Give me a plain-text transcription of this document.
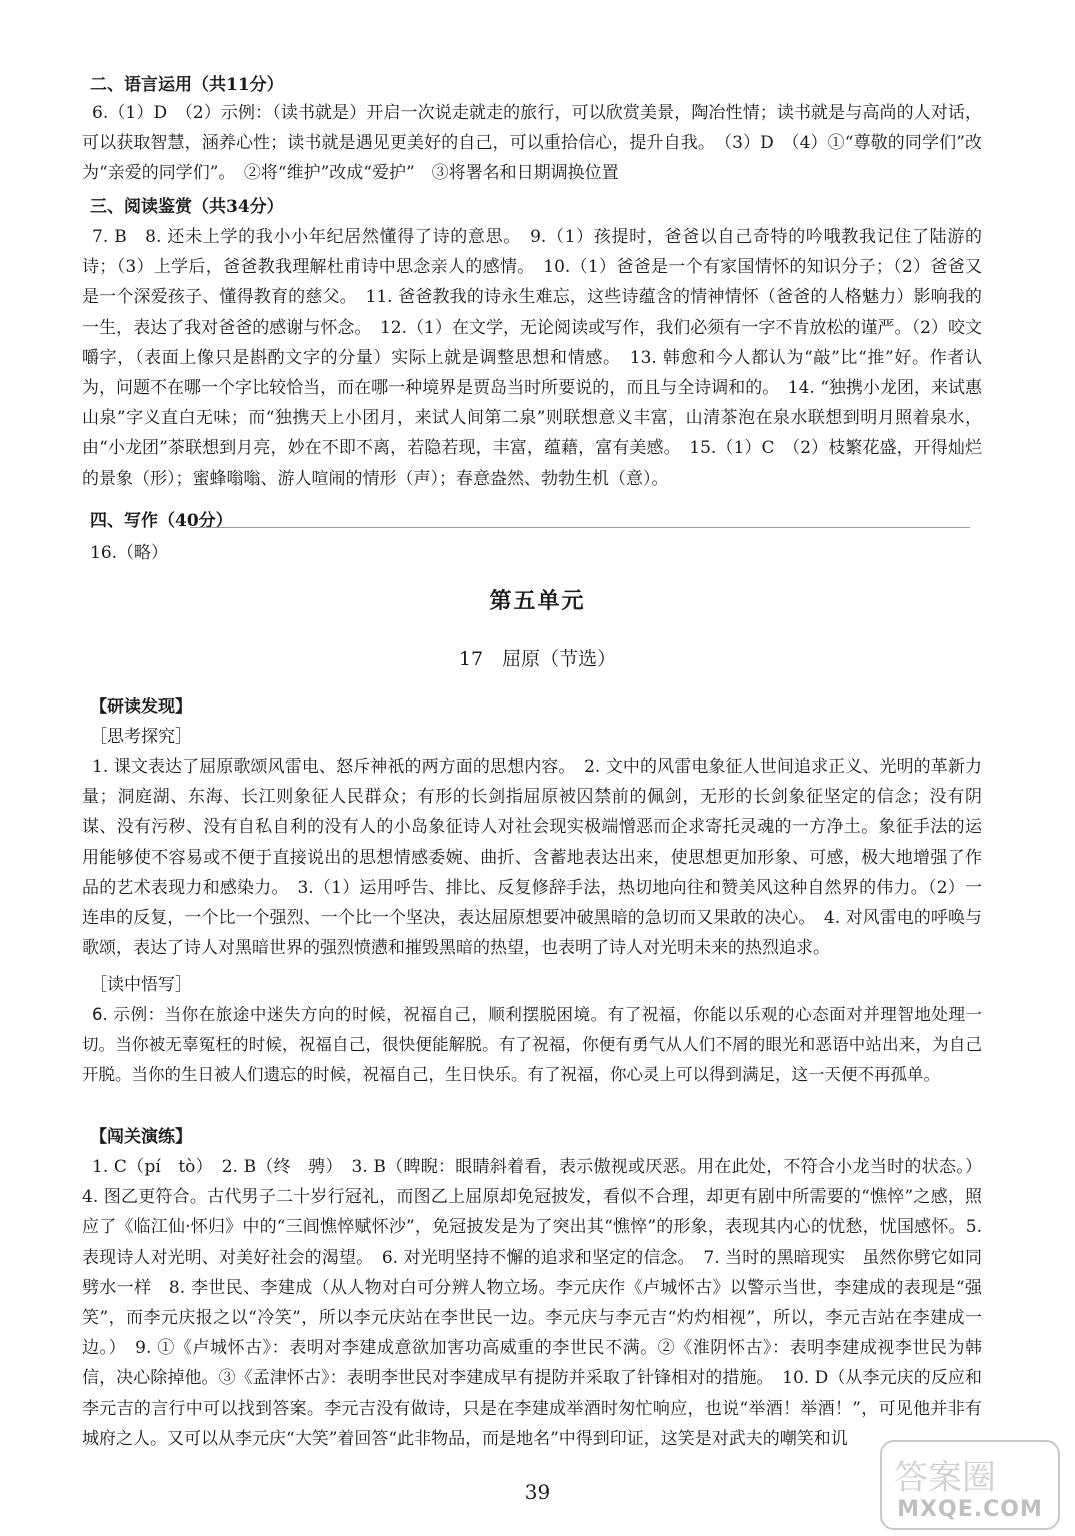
二、语言运用（共11分）

6.（1）D　（2）示例：（读书就是）开启一次说走就走的旅行，可以欣赏美景，陶冶性情；读书就是与高尚的人对话，可以获取智慧，涵养心性；读书就是遇见更美好的自己，可以重拾信心，提升自我。　（3）D　（4）①“尊敬的同学们”改为“亲爱的同学们”。　②将“维护”改成“爱护”　③将署名和日期调换位置

三、阅读鉴赏（共34分）

7. B　8. 还未上学的我小小年纪居然懂得了诗的意思。　9.（1）孩提时，爸爸以自己奇特的吟哦教我记住了陆游的诗；（3）上学后，爸爸教我理解杜甫诗中思念亲人的感情。　10.（1）爸爸是一个有家国情怀的知识分子；（2）爸爸又是一个深爱孩子、懂得教育的慈父。　11. 爸爸教我的诗永生难忘，这些诗蕴含的情神情怀（爸爸的人格魅力）影响我的一生，表达了我对爸爸的感谢与怀念。　12.（1）在文学，无论阅读或写作，我们必须有一字不肯放松的谨严。（2）咬文嚼字，（表面上像只是斟酌文字的分量）实际上就是调整思想和情感。　13. 韩愈和今人都认为“敲”比“推”好。作者认为，问题不在哪一个字比较恰当，而在哪一种境界是贾岛当时所要说的，而且与全诗调和的。　14. “独携小龙团，来试惠山泉”字义直白无味；而“独携天上小团月，来试人间第二泉”则联想意义丰富，山清茶泡在泉水联想到明月照着泉水，由“小龙团”茶联想到月亮，妙在不即不离，若隐若现，丰富，蕴藉，富有美感。　15.（1）C　（2）枝繁花盛，开得灿烂的景象（形）；蜜蜂嗡嗡、游人喧闹的情形（声）；春意盎然、勃勃生机（意）。

四、写作（40分）

16.（略）

第五单元

17　屈原（节选）

【研读发现】

［思考探究］

1. 课文表达了屈原歌颂风雷电、怒斥神祇的两方面的思想内容。　2. 文中的风雷电象征人世间追求正义、光明的革新力量；洞庭湖、东海、长江则象征人民群众；有形的长剑指屈原被囚禁前的佩剑，无形的长剑象征坚定的信念；没有阴谋、没有污秽、没有自私自利的没有人的小岛象征诗人对社会现实极端憎恶而企求寄托灵魂的一方净土。象征手法的运用能够使不容易或不便于直接说出的思想情感委婉、曲折、含蓄地表达出来，使思想更加形象、可感，极大地增强了作品的艺术表现力和感染力。　3.（1）运用呼告、排比、反复修辞手法，热切地向往和赞美风这种自然界的伟力。（2）一连串的反复，一个比一个强烈、一个比一个坚决，表达屈原想要冲破黑暗的急切而又果敢的决心。　4. 对风雷电的呼唤与歌颂，表达了诗人对黑暗世界的强烈愤懑和摧毁黑暗的热望，也表明了诗人对光明未来的热烈追求。

［读中悟写］

6. 示例：当你在旅途中迷失方向的时候，祝福自己，顺利摆脱困境。有了祝福，你能以乐观的心态面对并理智地处理一切。当你被无辜冤枉的时候，祝福自己，很快便能解脱。有了祝福，你便有勇气从人们不屑的眼光和恶语中站出来，为自己开脱。当你的生日被人们遗忘的时候，祝福自己，生日快乐。有了祝福，你心灵上可以得到满足，这一天便不再孤单。

【闯关演练】

1. C（pí　tò）　2. B（终　骋）　3. B（睥睨：眼睛斜着看，表示傲视或厌恶。用在此处，不符合小龙当时的状态。）4. 图乙更符合。古代男子二十岁行冠礼，而图乙上屈原却免冠披发，看似不合理，却更有剧中所需要的“憔悴”之感，照应了《临江仙·怀归》中的“三闾憔悴赋怀沙”，免冠披发是为了突出其“憔悴”的形象，表现其内心的忧愁，忧国感怀。5. 表现诗人对光明、对美好社会的渴望。　6. 对光明坚持不懈的追求和坚定的信念。　7. 当时的黑暗现实　虽然你劈它如同劈水一样　8. 李世民、李建成（从人物对白可分辨人物立场。李元庆作《卢城怀古》以警示当世，李建成的表现是“强笑”，而李元庆报之以“冷笑”，所以李元庆站在李世民一边。李元庆与李元吉“灼灼相视”，所以，李元吉站在李建成一边。）　9. ①《卢城怀古》：表明对李建成意欲加害功高威重的李世民不满。②《淮阴怀古》：表明李建成视李世民为韩信，决心除掉他。③《孟津怀古》：表明李世民对李建成早有提防并采取了针锋相对的措施。　10. D（从李元庆的反应和李元吉的言行中可以找到答案。李元吉没有做诗，只是在李建成举酒时匆忙响应，也说“举酒！举酒！”，可见他并非有城府之人。又可以从李元庆“大笑”着回答“此非物品，而是地名”中得到印证，这笑是对武夫的嘲笑和讥

39	答案圈
MXQE.COM
